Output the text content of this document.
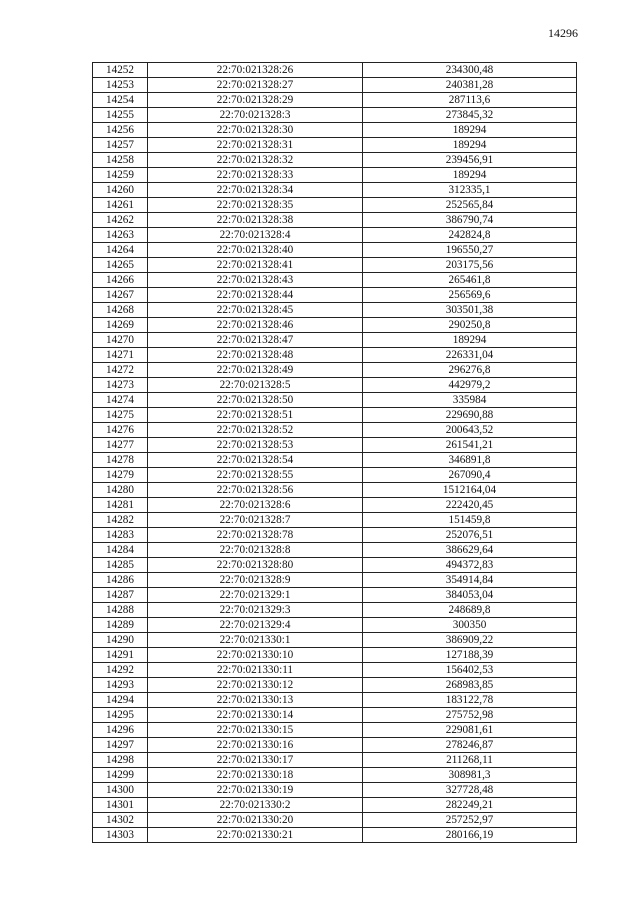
14296
14252	22:70:021328:26	234300,48
14253	22:70:021328:27	240381,28
14254	22:70:021328:29	287113,6
14255	22:70:021328:3	273845,32
14256	22:70:021328:30	189294
14257	22:70:021328:31	189294
14258	22:70:021328:32	239456,91
14259	22:70:021328:33	189294
14260	22:70:021328:34	312335,1
14261	22:70:021328:35	252565,84
14262	22:70:021328:38	386790,74
14263	22:70:021328:4	242824,8
14264	22:70:021328:40	196550,27
14265	22:70:021328:41	203175,56
14266	22:70:021328:43	265461,8
14267	22:70:021328:44	256569,6
14268	22:70:021328:45	303501,38
14269	22:70:021328:46	290250,8
14270	22:70:021328:47	189294
14271	22:70:021328:48	226331,04
14272	22:70:021328:49	296276,8
14273	22:70:021328:5	442979,2
14274	22:70:021328:50	335984
14275	22:70:021328:51	229690,88
14276	22:70:021328:52	200643,52
14277	22:70:021328:53	261541,21
14278	22:70:021328:54	346891,8
14279	22:70:021328:55	267090,4
14280	22:70:021328:56	1512164,04
14281	22:70:021328:6	222420,45
14282	22:70:021328:7	151459,8
14283	22:70:021328:78	252076,51
14284	22:70:021328:8	386629,64
14285	22:70:021328:80	494372,83
14286	22:70:021328:9	354914,84
14287	22:70:021329:1	384053,04
14288	22:70:021329:3	248689,8
14289	22:70:021329:4	300350
14290	22:70:021330:1	386909,22
14291	22:70:021330:10	127188,39
14292	22:70:021330:11	156402,53
14293	22:70:021330:12	268983,85
14294	22:70:021330:13	183122,78
14295	22:70:021330:14	275752,98
14296	22:70:021330:15	229081,61
14297	22:70:021330:16	278246,87
14298	22:70:021330:17	211268,11
14299	22:70:021330:18	308981,3
14300	22:70:021330:19	327728,48
14301	22:70:021330:2	282249,21
14302	22:70:021330:20	257252,97
14303	22:70:021330:21	280166,19
